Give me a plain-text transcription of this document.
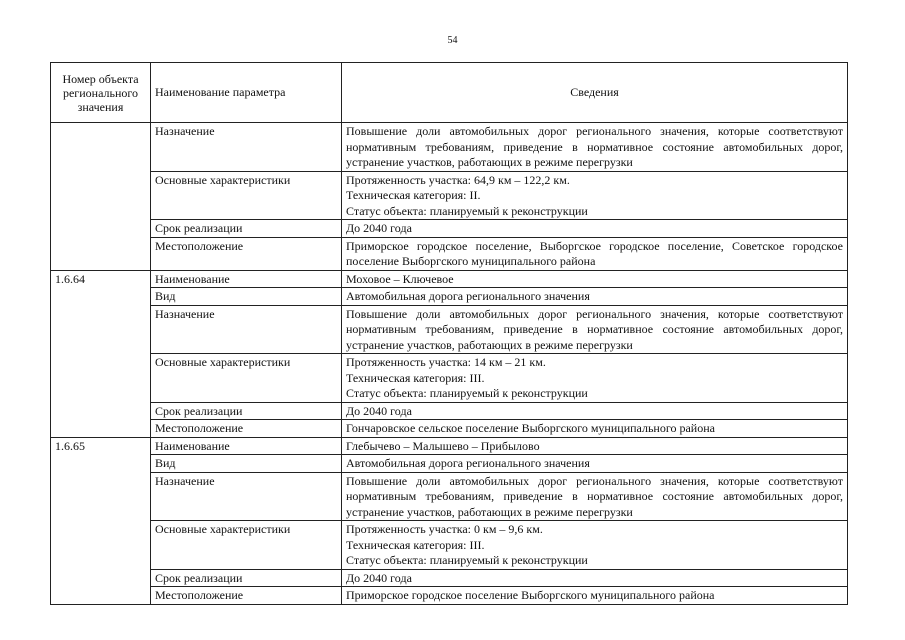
54
Номер объекта регионального значения	Наименование параметра	Сведения
	Назначение	Повышение доли автомобильных дорог регионального значения, которые соответствуют нормативным требованиям, приведение в нормативное состояние автомобильных дорог, устранение участков, работающих в режиме перегрузки
	Основные характеристики	Протяженность участка: 64,9 км – 122,2 км.
Техническая категория: II.
Статус объекта: планируемый к реконструкции

	Срок реализации	До 2040 года
	Местоположение	Приморское городское поселение, Выборгское городское поселение, Советское городское поселение Выборгского муниципального района
1.6.64	Наименование	Моховое – Ключевое
	Вид	Автомобильная дорога регионального значения
	Назначение	Повышение доли автомобильных дорог регионального значения, которые соответствуют нормативным требованиям, приведение в нормативное состояние автомобильных дорог, устранение участков, работающих в режиме перегрузки
	Основные характеристики	Протяженность участка: 14 км – 21 км.
Техническая категория: III.
Статус объекта: планируемый к реконструкции

	Срок реализации	До 2040 года
	Местоположение	Гончаровское сельское поселение Выборгского муниципального района
1.6.65	Наименование	Глебычево – Малышево – Прибылово
	Вид	Автомобильная дорога регионального значения
	Назначение	Повышение доли автомобильных дорог регионального значения, которые соответствуют нормативным требованиям, приведение в нормативное состояние автомобильных дорог, устранение участков, работающих в режиме перегрузки
	Основные характеристики	Протяженность участка: 0 км – 9,6 км.
Техническая категория: III.
Статус объекта: планируемый к реконструкции

	Срок реализации	До 2040 года
	Местоположение	Приморское городское поселение Выборгского муниципального района
